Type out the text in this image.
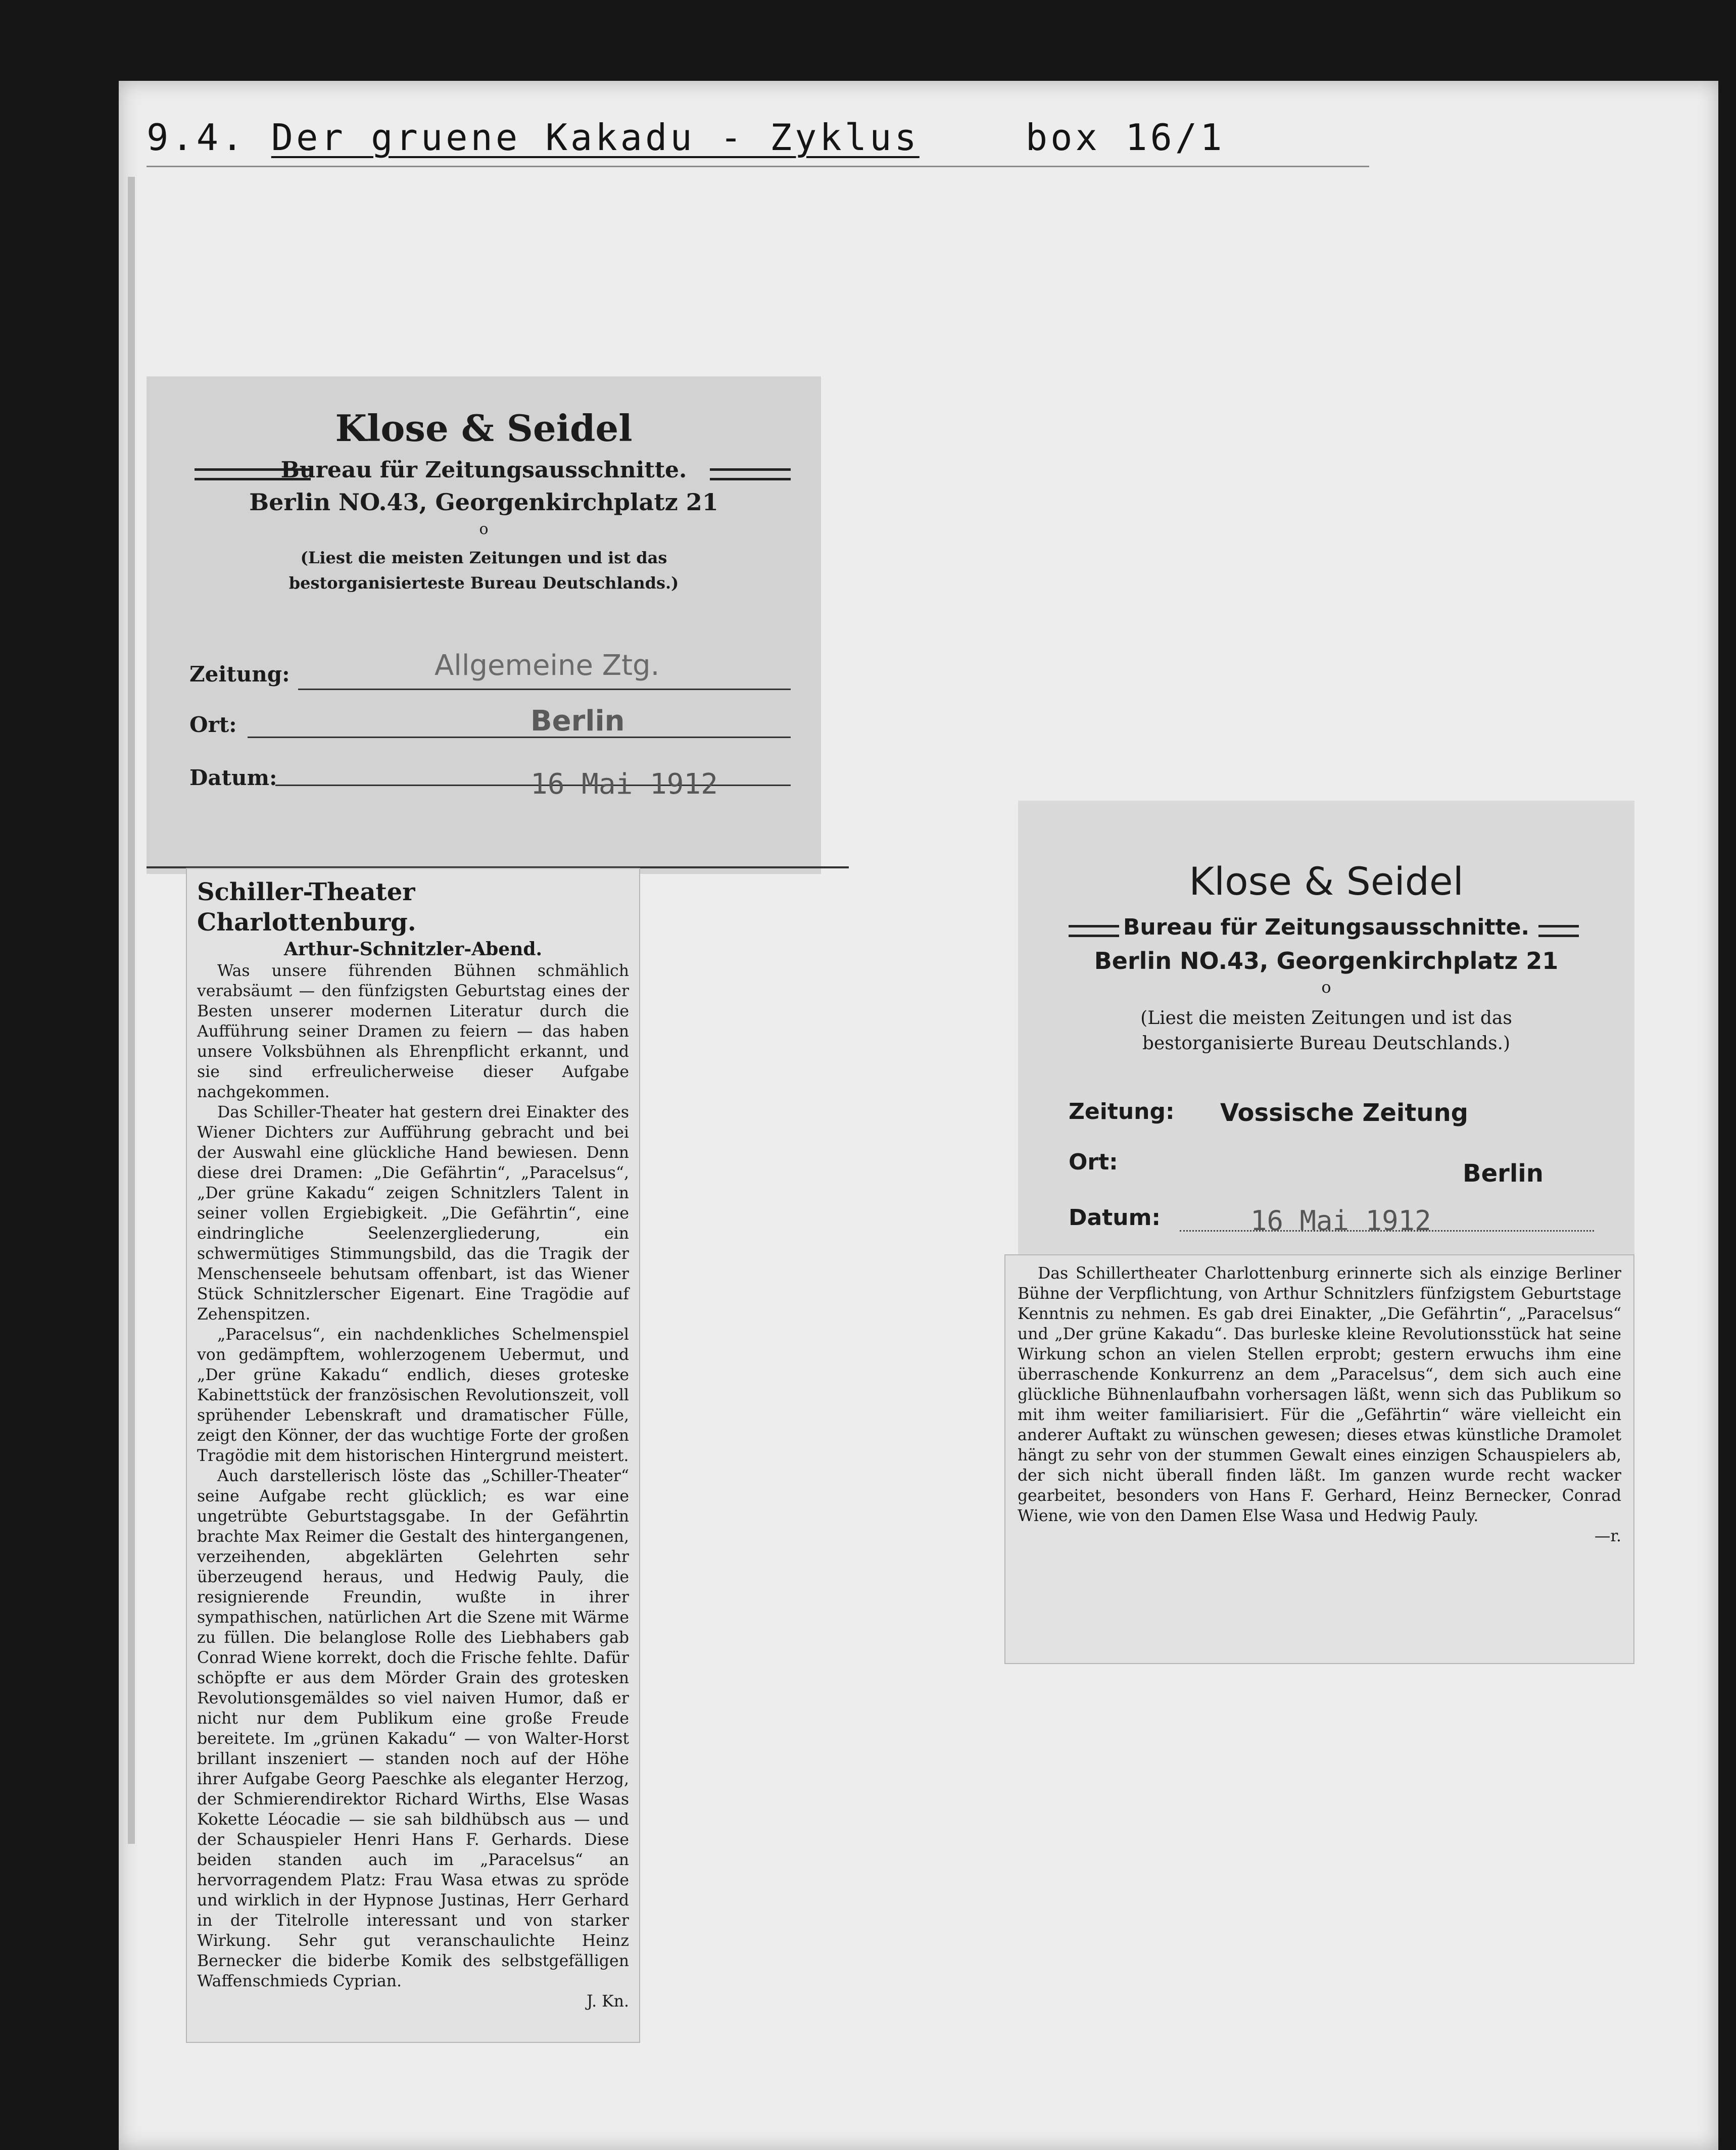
9.4. Der gruene Kakadu - Zyklus	box 16/1
Klose & Seidel
Bureau für Zeitungsausschnitte.
Berlin NO.43, Georgenkirchplatz 21
o
(Liest die meisten Zeitungen und ist das
bestorganisierteste Bureau Deutschlands.)
Zeitung:	Allgemeine Ztg.
Ort:	Berlin
Datum:	16 Mai 1912

Schiller-Theater Charlottenburg.

Arthur-Schnitzler-Abend.

Was unsere führenden Bühnen schmählich verabsäumt — den fünfzigsten Geburtstag eines der Besten unserer modernen Literatur durch die Aufführung seiner Dramen zu feiern — das haben unsere Volksbühnen als Ehrenpflicht erkannt, und sie sind erfreulicherweise dieser Aufgabe nachgekommen.

Das Schiller-Theater hat gestern drei Einakter des Wiener Dichters zur Aufführung gebracht und bei der Auswahl eine glückliche Hand bewiesen. Denn diese drei Dramen: „Die Gefährtin“, „Paracelsus“, „Der grüne Kakadu“ zeigen Schnitzlers Talent in seiner vollen Ergiebigkeit. „Die Gefährtin“, eine eindringliche Seelenzergliederung, ein schwermütiges Stimmungsbild, das die Tragik der Menschenseele behutsam offenbart, ist das Wiener Stück Schnitzlerscher Eigenart. Eine Tragödie auf Zehenspitzen.

„Paracelsus“, ein nachdenkliches Schelmenspiel von gedämpftem, wohlerzogenem Uebermut, und „Der grüne Kakadu“ endlich, dieses groteske Kabinettstück der französischen Revolutionszeit, voll sprühender Lebenskraft und dramatischer Fülle, zeigt den Könner, der das wuchtige Forte der großen Tragödie mit dem historischen Hintergrund meistert.

Auch darstellerisch löste das „Schiller-Theater“ seine Aufgabe recht glücklich; es war eine ungetrübte Geburtstagsgabe. In der Gefährtin brachte Max Reimer die Gestalt des hintergangenen, verzeihenden, abgeklärten Gelehrten sehr überzeugend heraus, und Hedwig Pauly, die resignierende Freundin, wußte in ihrer sympathischen, natürlichen Art die Szene mit Wärme zu füllen. Die belanglose Rolle des Liebhabers gab Conrad Wiene korrekt, doch die Frische fehlte. Dafür schöpfte er aus dem Mörder Grain des grotesken Revolutionsgemäldes so viel naiven Humor, daß er nicht nur dem Publikum eine große Freude bereitete. Im „grünen Kakadu“ — von Walter-Horst brillant inszeniert — standen noch auf der Höhe ihrer Aufgabe Georg Paeschke als eleganter Herzog, der Schmierendirektor Richard Wirths, Else Wasas Kokette Léocadie — sie sah bildhübsch aus — und der Schauspieler Henri Hans F. Gerhards. Diese beiden standen auch im „Paracelsus“ an hervorragendem Platz: Frau Wasa etwas zu spröde und wirklich in der Hypnose Justinas, Herr Gerhard in der Titelrolle interessant und von starker Wirkung. Sehr gut veranschaulichte Heinz Bernecker die biderbe Komik des selbstgefälligen Waffenschmieds Cyprian.

J. Kn.

Klose & Seidel
Bureau für Zeitungsausschnitte.
Berlin NO.43, Georgenkirchplatz 21
o
(Liest die meisten Zeitungen und ist das
bestorganisierte Bureau Deutschlands.)
Zeitung: Vossische Zeitung
Ort:	Berlin
Datum:	16 Mai 1912

Das Schillertheater Charlottenburg erinnerte sich als einzige Berliner Bühne der Verpflichtung, von Arthur Schnitzlers fünfzigstem Geburtstage Kenntnis zu nehmen. Es gab drei Einakter, „Die Gefährtin“, „Paracelsus“ und „Der grüne Kakadu“. Das burleske kleine Revolutionsstück hat seine Wirkung schon an vielen Stellen erprobt; gestern erwuchs ihm eine überraschende Konkurrenz an dem „Paracelsus“, dem sich auch eine glückliche Bühnenlaufbahn vorhersagen läßt, wenn sich das Publikum so mit ihm weiter familiarisiert. Für die „Gefährtin“ wäre vielleicht ein anderer Auftakt zu wünschen gewesen; dieses etwas künstliche Dramolet hängt zu sehr von der stummen Gewalt eines einzigen Schauspielers ab, der sich nicht überall finden läßt. Im ganzen wurde recht wacker gearbeitet, besonders von Hans F. Gerhard, Heinz Bernecker, Conrad Wiene, wie von den Damen Else Wasa und Hedwig Pauly.

—r.
